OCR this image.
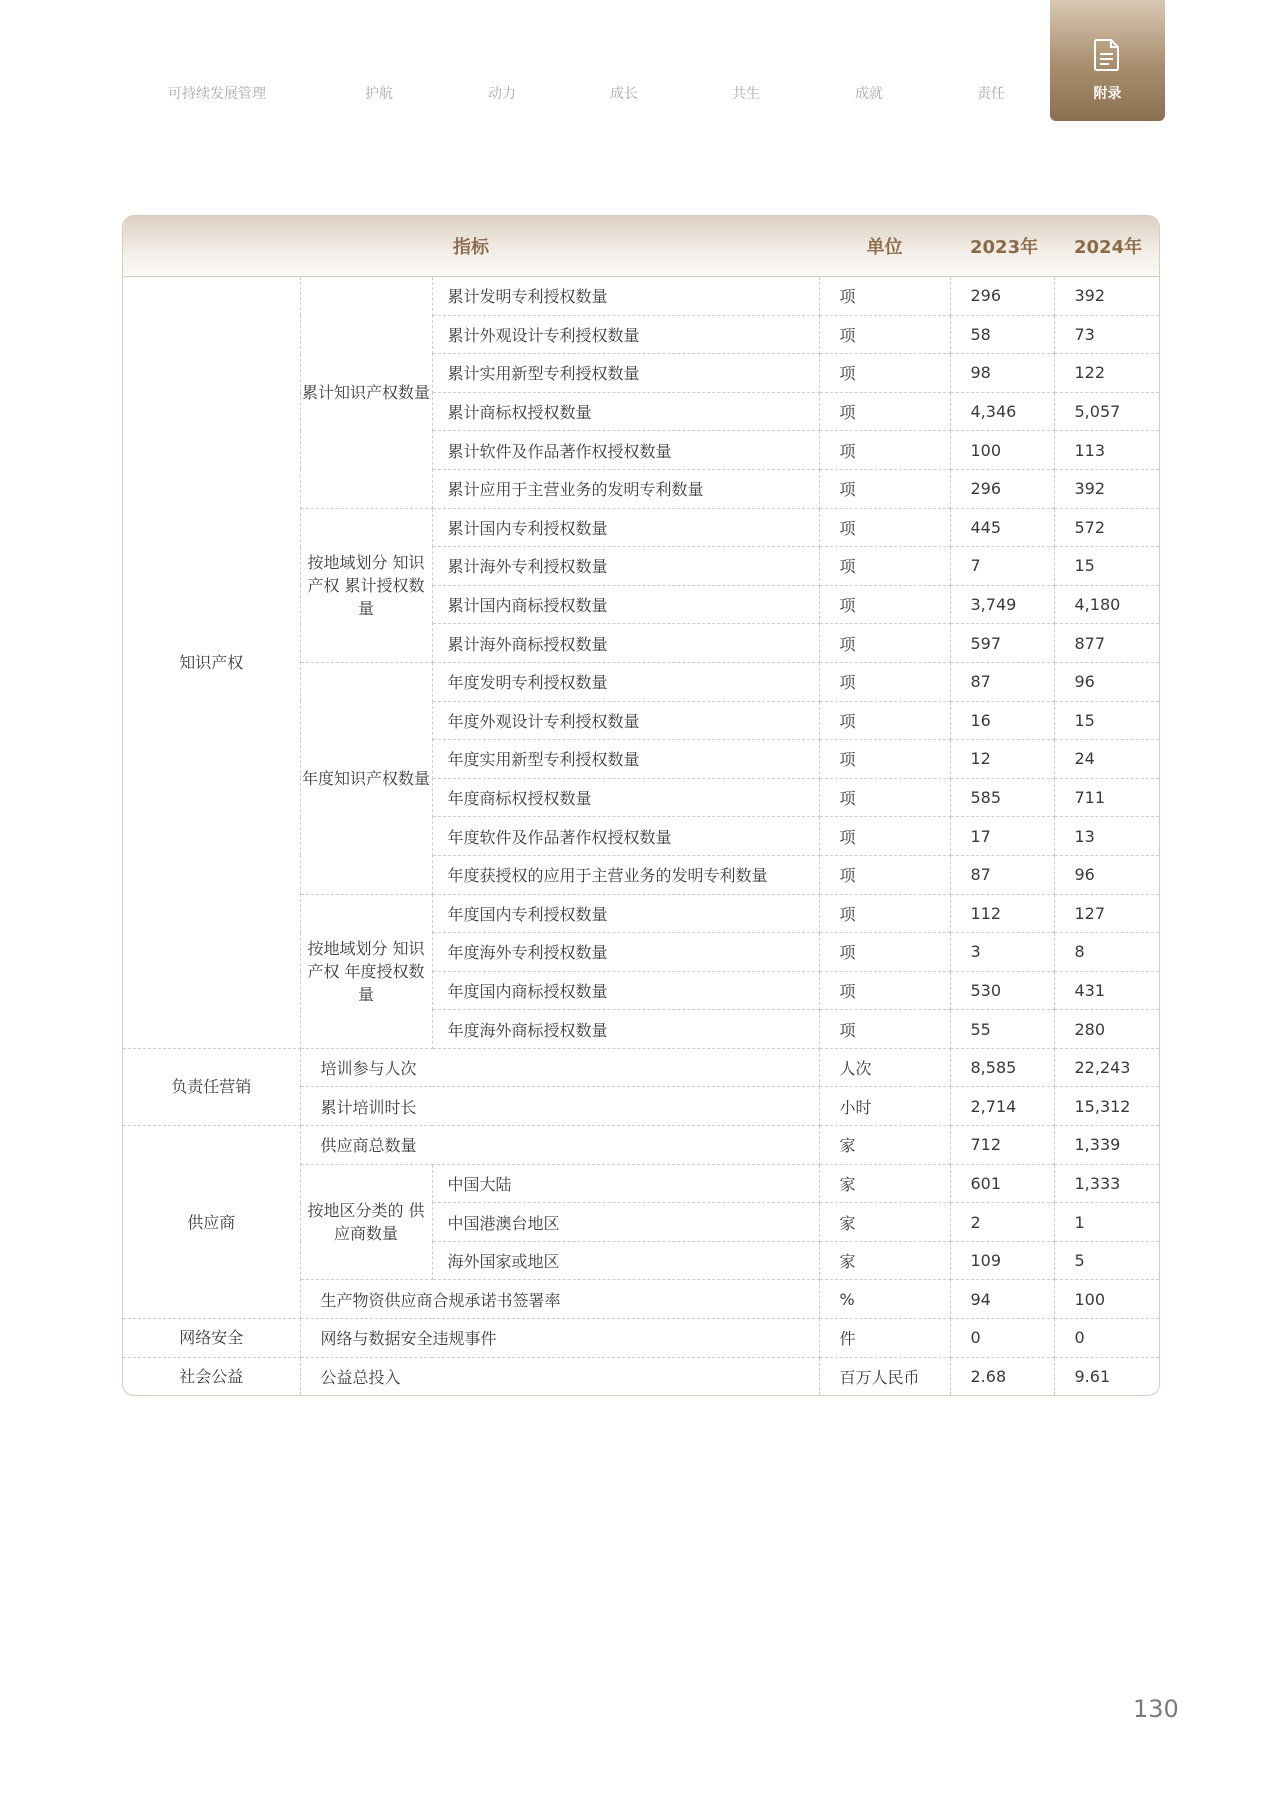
可持续发展管理	护航	动力	成长	共生	成就	责任	附录
指标			单位	2023年	2024年
知识产权	累计知识产权数量	累计发明专利授权数量	项	296	392
		累计外观设计专利授权数量	项	58	73
		累计实用新型专利授权数量	项	98	122
		累计商标权授权数量	项	4,346	5,057
		累计软件及作品著作权授权数量	项	100	113
		累计应用于主营业务的发明专利数量	项	296	392
	按地域划分 知识产权 累计授权数量	累计国内专利授权数量	项	445	572
		累计海外专利授权数量	项	7	15
		累计国内商标授权数量	项	3,749	4,180
		累计海外商标授权数量	项	597	877
	年度知识产权数量	年度发明专利授权数量	项	87	96
		年度外观设计专利授权数量	项	16	15
		年度实用新型专利授权数量	项	12	24
		年度商标权授权数量	项	585	711
		年度软件及作品著作权授权数量	项	17	13
		年度获授权的应用于主营业务的发明专利数量	项	87	96
	按地域划分 知识产权 年度授权数量	年度国内专利授权数量	项	112	127
		年度海外专利授权数量	项	3	8
		年度国内商标授权数量	项	530	431
		年度海外商标授权数量	项	55	280
负责任营销	培训参与人次		人次	8,585	22,243
	累计培训时长		小时	2,714	15,312
供应商	供应商总数量		家	712	1,339
	按地区分类的 供应商数量	中国大陆	家	601	1,333
		中国港澳台地区	家	2	1
		海外国家或地区	家	109	5
	生产物资供应商合规承诺书签署率		%	94	100
网络安全	网络与数据安全违规事件		件	0	0
社会公益	公益总投入		百万人民币	2.68	9.61
130
